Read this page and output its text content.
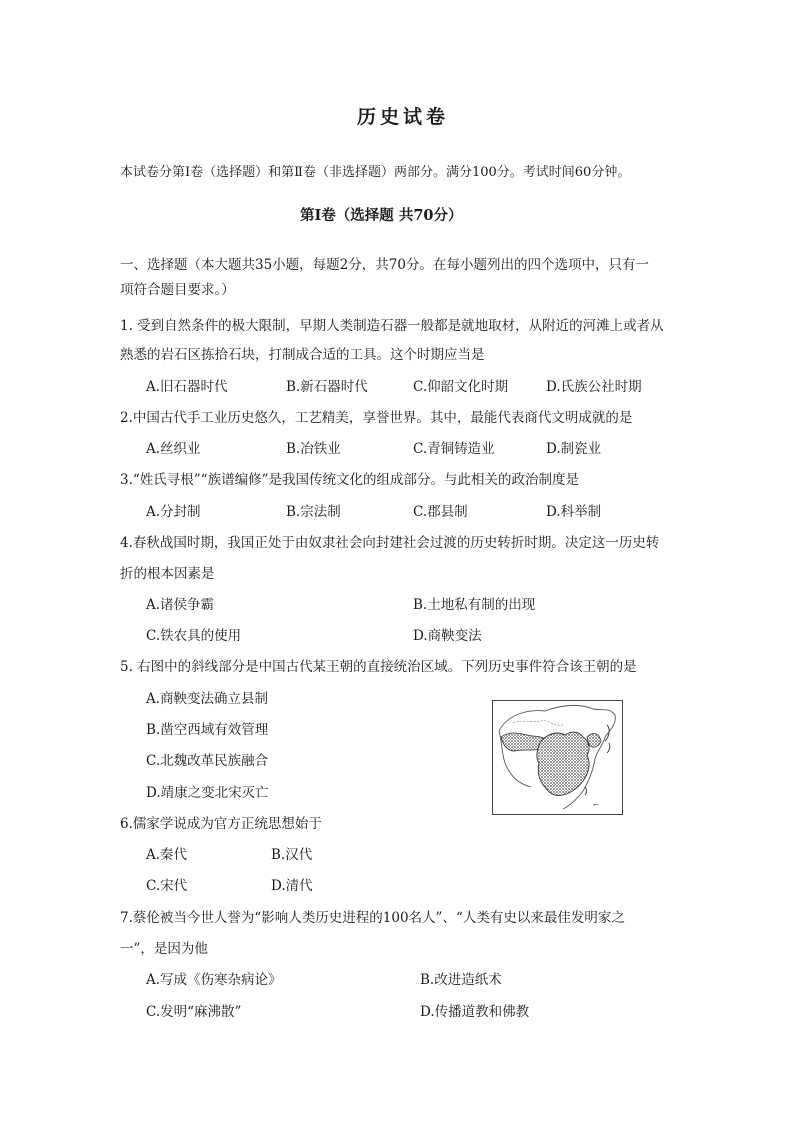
历史试卷
本试卷分第Ⅰ卷（选择题）和第Ⅱ卷（非选择题）两部分。满分100分。考试时间60分钟。
第Ⅰ卷（选择题 共70分）
一、选择题（本大题共35小题，每题2分，共70分。在每小题列出的四个选项中，只有一
项符合题目要求。）
1. 受到自然条件的极大限制，早期人类制造石器一般都是就地取材，从附近的河滩上或者从
熟悉的岩石区拣拾石块，打制成合适的工具。这个时期应当是
A.旧石器时代	B.新石器时代	C.仰韶文化时期	D.氏族公社时期
2.中国古代手工业历史悠久，工艺精美，享誉世界。其中，最能代表商代文明成就的是
A.丝织业	B.冶铁业	C.青铜铸造业	D.制瓷业
3.“姓氏寻根”“族谱编修”是我国传统文化的组成部分。与此相关的政治制度是
A.分封制	B.宗法制	C.郡县制	D.科举制
4.春秋战国时期，我国正处于由奴隶社会向封建社会过渡的历史转折时期。决定这一历史转
折的根本因素是
A.诸侯争霸	B.土地私有制的出现
C.铁农具的使用	D.商鞅变法
5. 右图中的斜线部分是中国古代某王朝的直接统治区域。下列历史事件符合该王朝的是
A.商鞅变法确立县制
B.凿空西域有效管理
C.北魏改革民族融合
D.靖康之变北宋灭亡
⌐
6.儒家学说成为官方正统思想始于
A.秦代	B.汉代
C.宋代	D.清代
7.蔡伦被当今世人誉为“影响人类历史进程的100名人”、“人类有史以来最佳发明家之
一”，是因为他
A.写成《伤寒杂病论》	B.改进造纸术
C.发明“麻沸散”	D.传播道教和佛教
